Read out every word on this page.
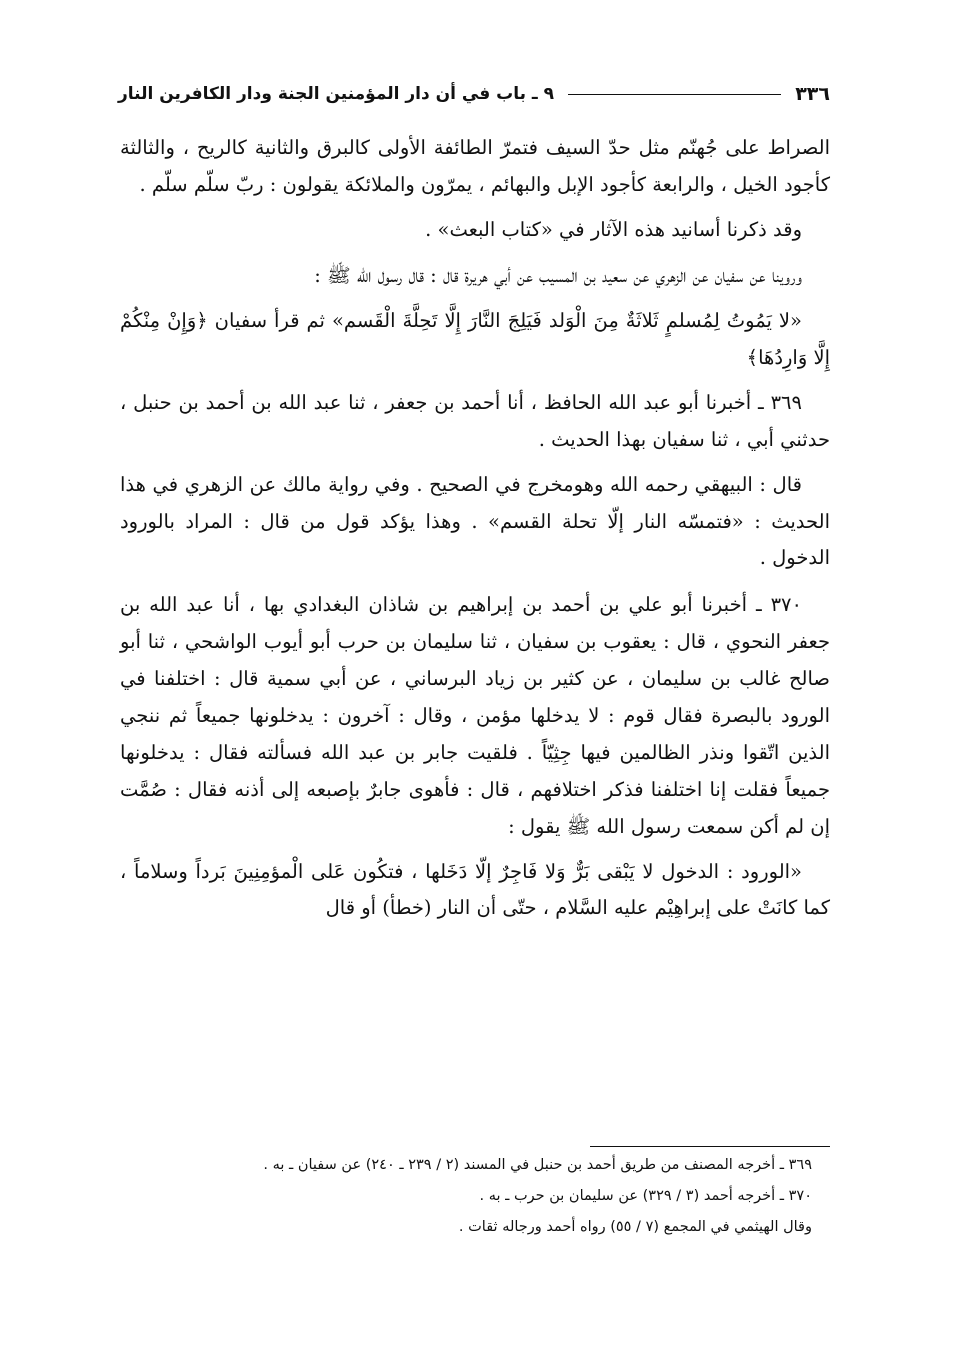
٣٣٦
٩ ـ باب في أن دار المؤمنين الجنة ودار الكافرين النار

الصراط على جُهنّم مثل حدّ السيف فتمرّ الطائفة الأولى كالبرق والثانية كالريح ، والثالثة كأجود الخيل ، والرابعة كأجود الإبل والبهائم ، يمرّون والملائكة يقولون : ربّ سلّم سلّم .

وقد ذكرنا أسانيد هذه الآثار في «كتاب البعث» .

وروينا عن سفيان عن الزهري عن سعيد بن المسيب عن أبي هريرة قال : قال رسول الله ﷺ :

«لا يَمُوتُ لِمُسلمٍ ثَلاثَةٌ مِنَ الْوَلد فَيَلِجَ النَّارَ إِلَّا تَحِلَّةَ الْقَسم» ثم قرأ سفيان ﴿وَإِنْ مِنْكُمْ إِلَّا وَارِدُهَا﴾

٣٦٩ ـ أخبرنا أبو عبد الله الحافظ ، أنا أحمد بن جعفر ، ثنا عبد الله بن أحمد بن حنبل ، حدثني أبي ، ثنا سفيان بهذا الحديث .

قال : البيهقي رحمه الله وهومخرج في الصحيح . وفي رواية مالك عن الزهري في هذا الحديث : «فتمسّه النار إلّا تحلة القسم» . وهذا يؤكد قول من قال : المراد بالورود الدخول .

٣٧٠ ـ أخبرنا أبو علي بن أحمد بن إبراهيم بن شاذان البغدادي بها ، أنا عبد الله بن جعفر النحوي ، قال : يعقوب بن سفيان ، ثنا سليمان بن حرب أبو أيوب الواشحي ، ثنا أبو صالح غالب بن سليمان ، عن كثير بن زياد البرساني ، عن أبي سمية قال : اختلفنا في الورود بالبصرة فقال قوم : لا يدخلها مؤمن ، وقال : آخرون : يدخلونها جميعاً ثم ننجي الذين اتّقوا ونذر الظالمين فيها جِثِيّاً . فلقيت جابر بن عبد الله فسألته فقال : يدخلونها جميعاً فقلت إنا اختلفنا فذكر اختلافهم ، قال : فأهوى جابرٌ بإصبعه إلى أذنه فقال : صُمَّت إن لم أكن سمعت رسول الله ﷺ يقول :

«الورود : الدخول لا يَبْقى بَرٌّ وَلا فَاجِرٌ إلّا دَخَلها ، فتكُون عَلى الْمؤمِنِينَ بَرداً وسلاماً ، كما كانَتْ على إبراهِيْم عليه السَّلام ، حتّى أن النار (خطأ) أو قال

٣٦٩ ـ أخرجه المصنف من طريق أحمد بن حنبل في المسند (٢ / ٢٣٩ ـ ٢٤٠) عن سفيان ـ به .

٣٧٠ ـ أخرجه أحمد (٣ / ٣٢٩) عن سليمان بن حرب ـ به .

وقال الهيثمي في المجمع (٧ / ٥٥) رواه أحمد ورجاله ثقات .
